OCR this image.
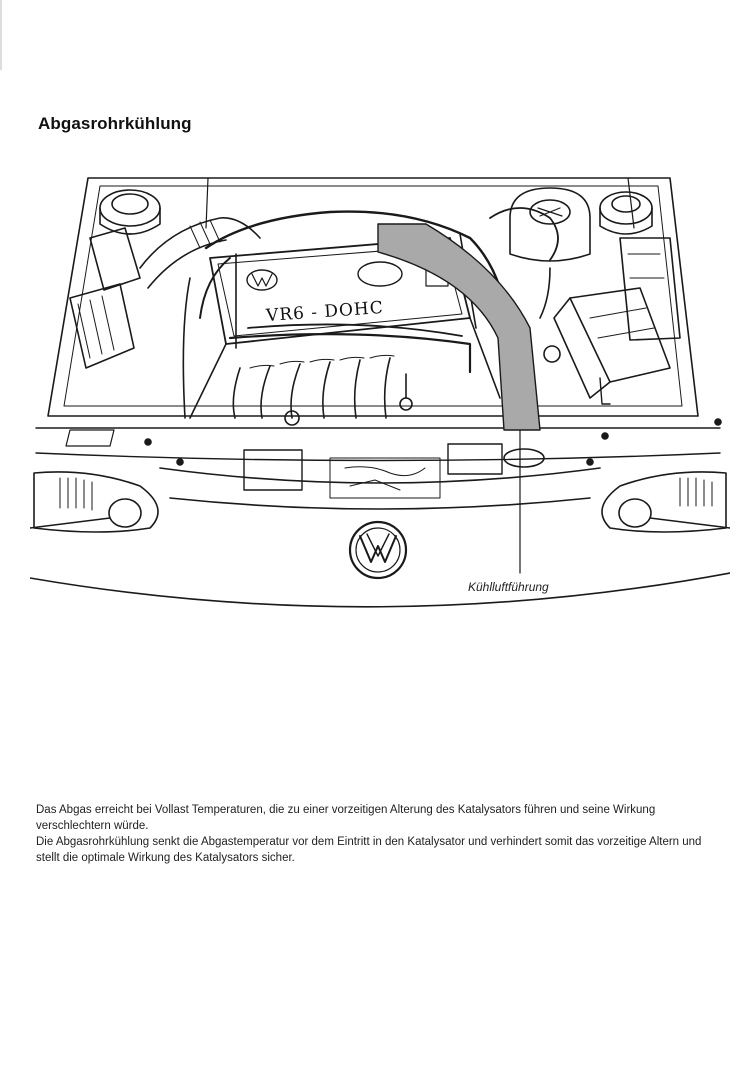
Abgasrohrkühlung
Kühlluftführung
VR6 - DOHC

Das Abgas erreicht bei Vollast Temperaturen, die zu einer vorzeitigen Alterung des Katalysators führen und seine Wirkung verschlechtern würde.

Die Abgasrohrkühlung senkt die Abgastemperatur vor dem Eintritt in den Katalysator und verhindert somit das vorzeitige Altern und stellt die optimale Wirkung des Katalysators sicher.
